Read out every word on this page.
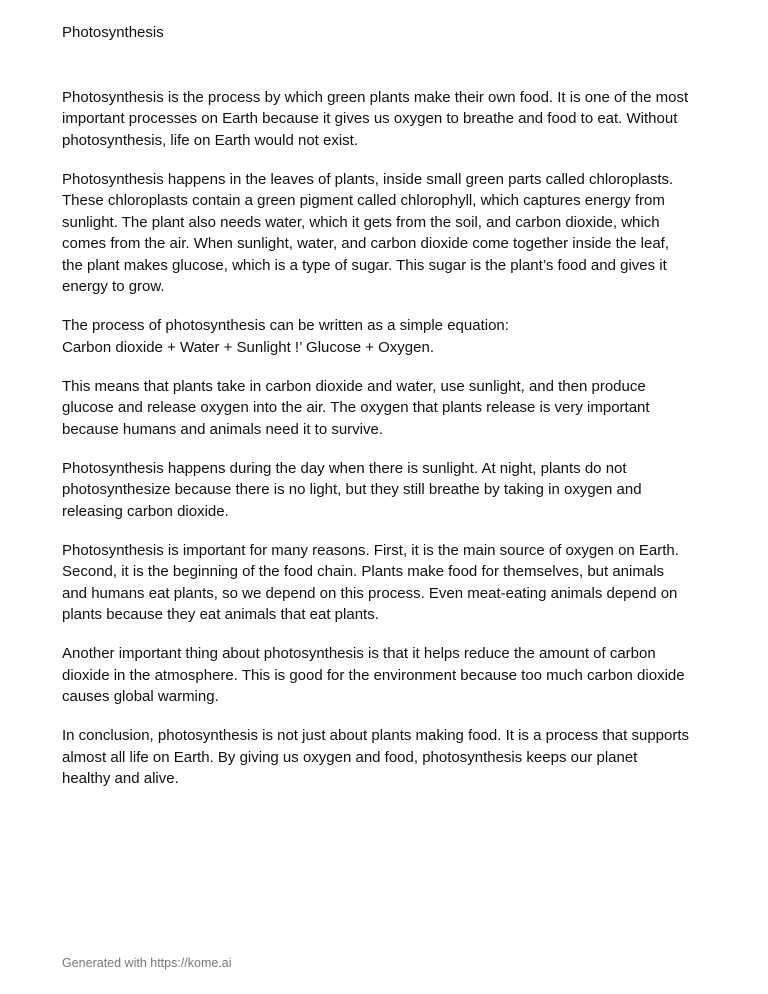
Photosynthesis
Photosynthesis is the process by which green plants make their own food. It is one of the most
important processes on Earth because it gives us oxygen to breathe and food to eat. Without
photosynthesis, life on Earth would not exist.
Photosynthesis happens in the leaves of plants, inside small green parts called chloroplasts.
These chloroplasts contain a green pigment called chlorophyll, which captures energy from
sunlight. The plant also needs water, which it gets from the soil, and carbon dioxide, which
comes from the air. When sunlight, water, and carbon dioxide come together inside the leaf,
the plant makes glucose, which is a type of sugar. This sugar is the plant’s food and gives it
energy to grow.
The process of photosynthesis can be written as a simple equation:
Carbon dioxide + Water + Sunlight !’ Glucose + Oxygen.
This means that plants take in carbon dioxide and water, use sunlight, and then produce
glucose and release oxygen into the air. The oxygen that plants release is very important
because humans and animals need it to survive.
Photosynthesis happens during the day when there is sunlight. At night, plants do not
photosynthesize because there is no light, but they still breathe by taking in oxygen and
releasing carbon dioxide.
Photosynthesis is important for many reasons. First, it is the main source of oxygen on Earth.
Second, it is the beginning of the food chain. Plants make food for themselves, but animals
and humans eat plants, so we depend on this process. Even meat-eating animals depend on
plants because they eat animals that eat plants.
Another important thing about photosynthesis is that it helps reduce the amount of carbon
dioxide in the atmosphere. This is good for the environment because too much carbon dioxide
causes global warming.
In conclusion, photosynthesis is not just about plants making food. It is a process that supports
almost all life on Earth. By giving us oxygen and food, photosynthesis keeps our planet
healthy and alive.
Generated with https://kome.ai
